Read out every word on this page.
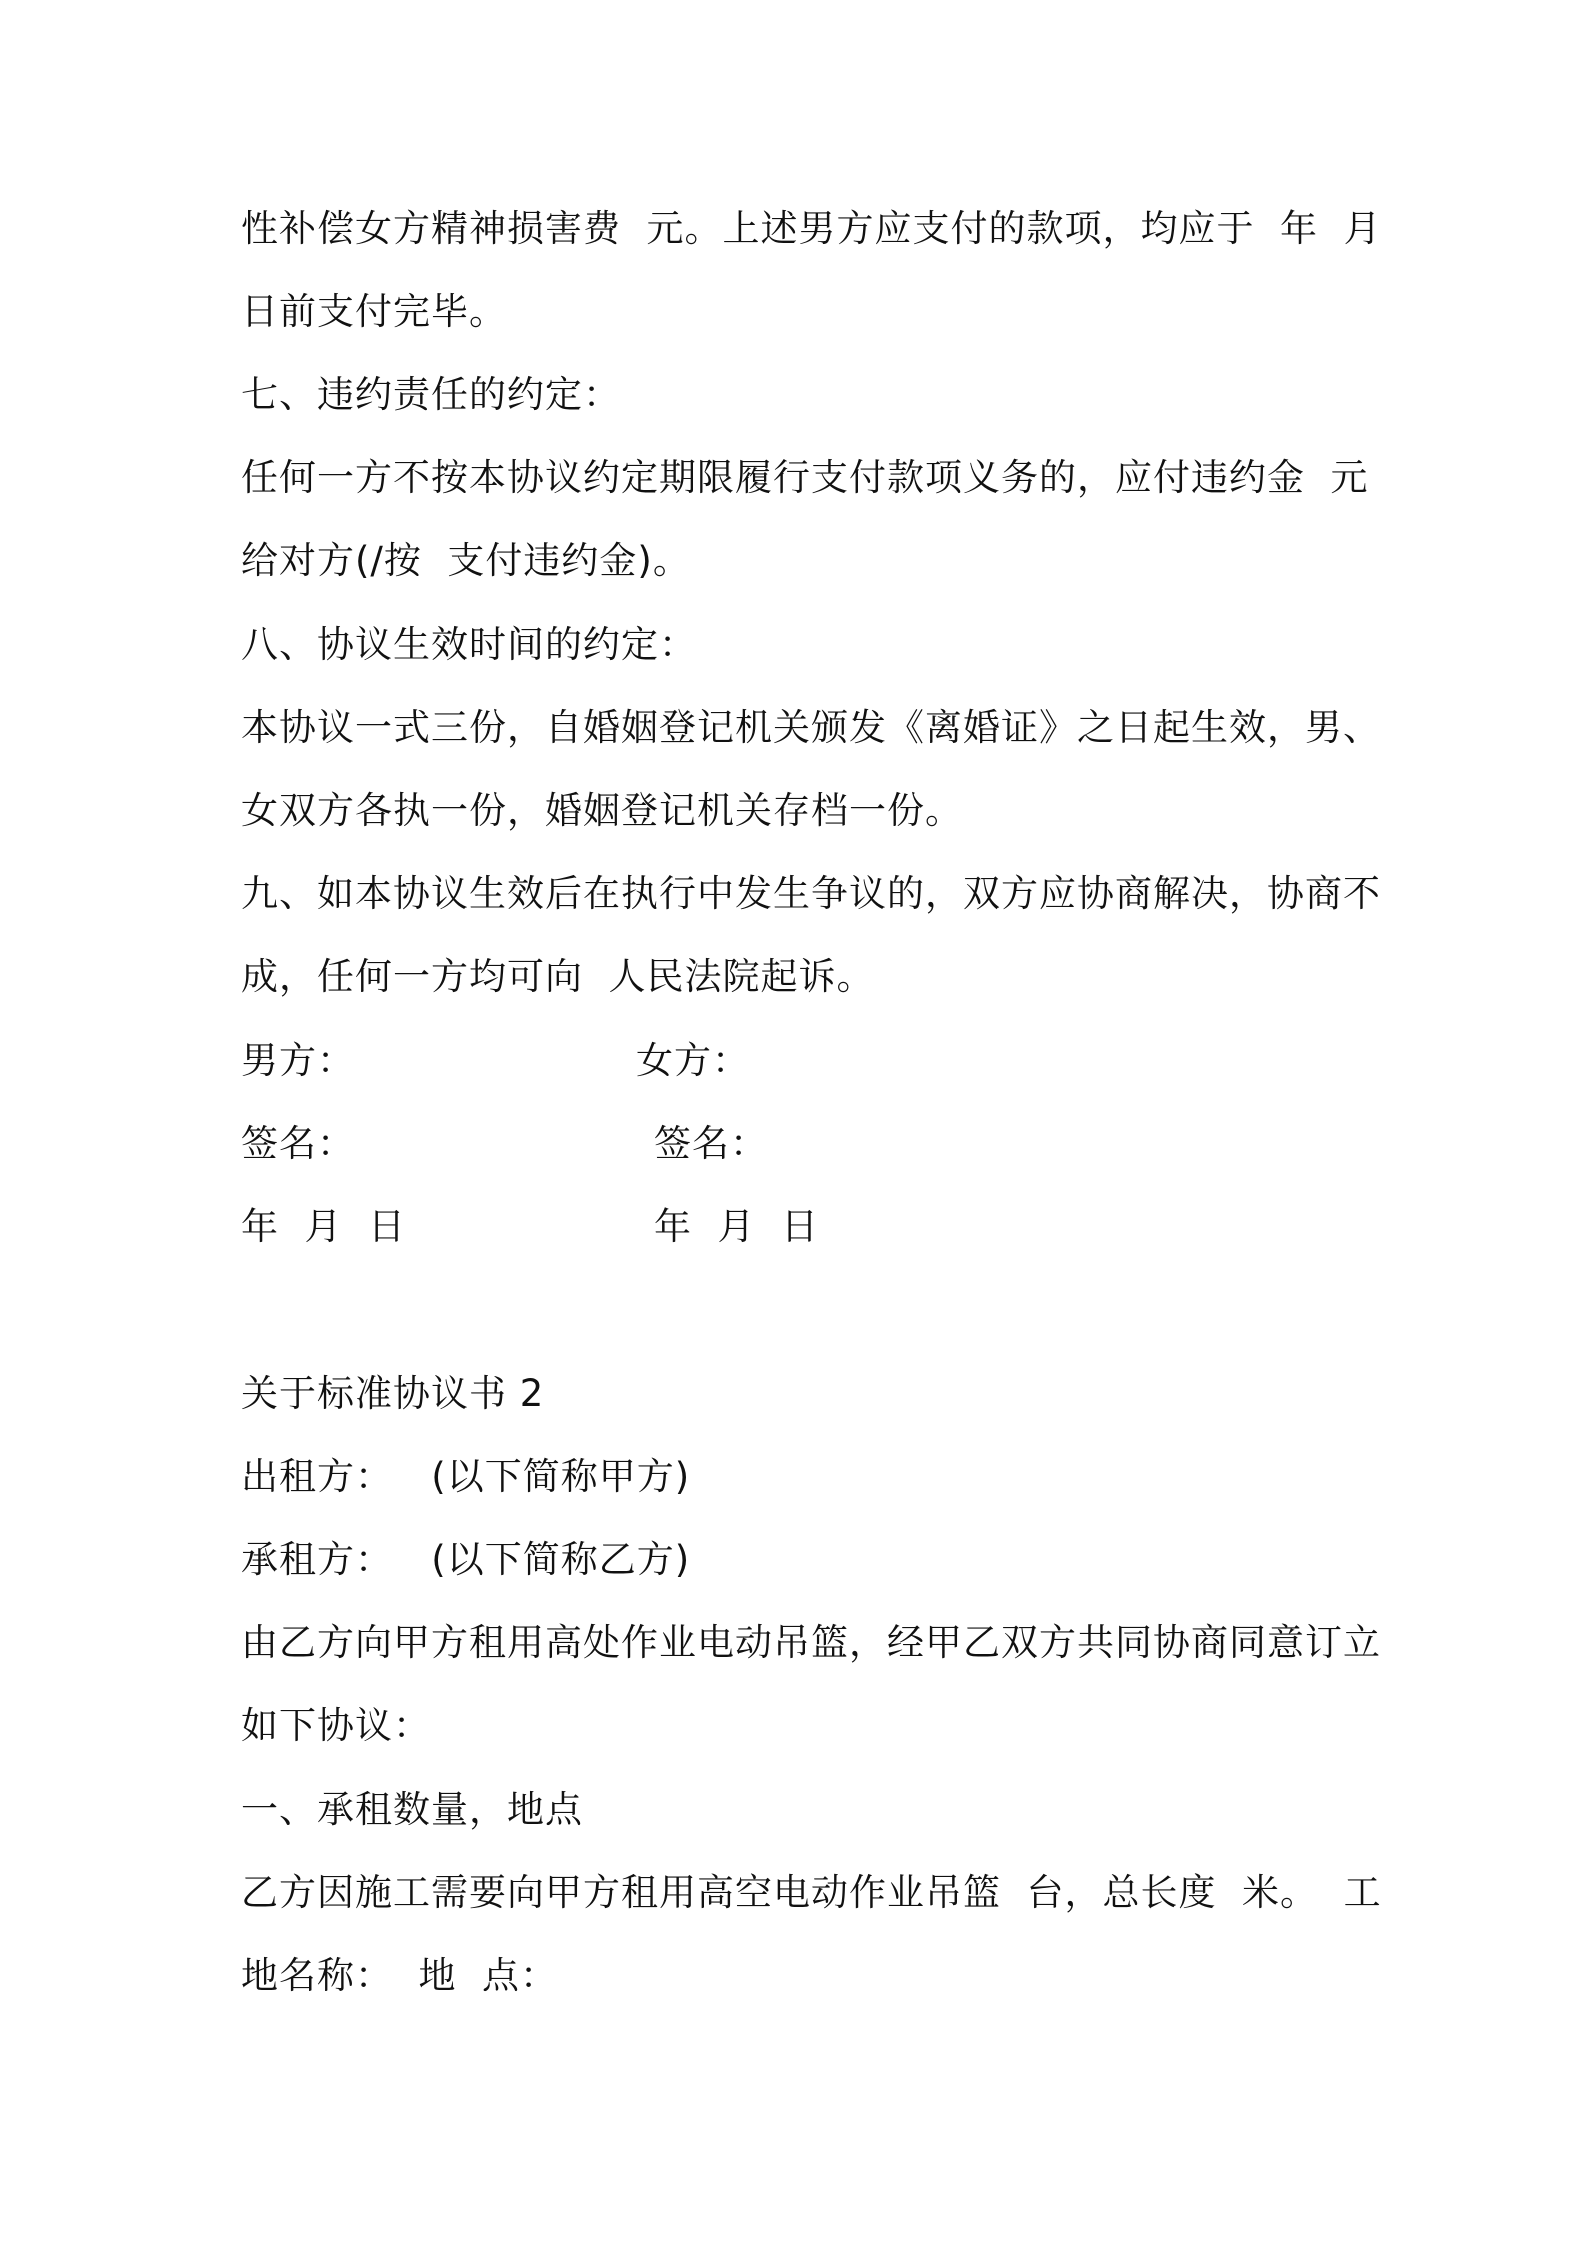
性补偿女方精神损害费  元。上述男方应支付的款项，均应于  年  月
日前支付完毕。
七、违约责任的约定：
任何一方不按本协议约定期限履行支付款项义务的，应付违约金  元
给对方(/按  支付违约金)。
八、协议生效时间的约定：
本协议一式三份，自婚姻登记机关颁发《离婚证》之日起生效，男、
女双方各执一份，婚姻登记机关存档一份。
九、如本协议生效后在执行中发生争议的，双方应协商解决，协商不
成，任何一方均可向  人民法院起诉。
男方：	女方：
签名：	签名：
年  月  日	年  月  日
关于标准协议书 2
出租方：   (以下简称甲方)
承租方：   (以下简称乙方)
由乙方向甲方租用高处作业电动吊篮，经甲乙双方共同协商同意订立
如下协议：
一、承租数量，地点
乙方因施工需要向甲方租用高空电动作业吊篮  台，总长度  米。  工
地名称：  地  点：
